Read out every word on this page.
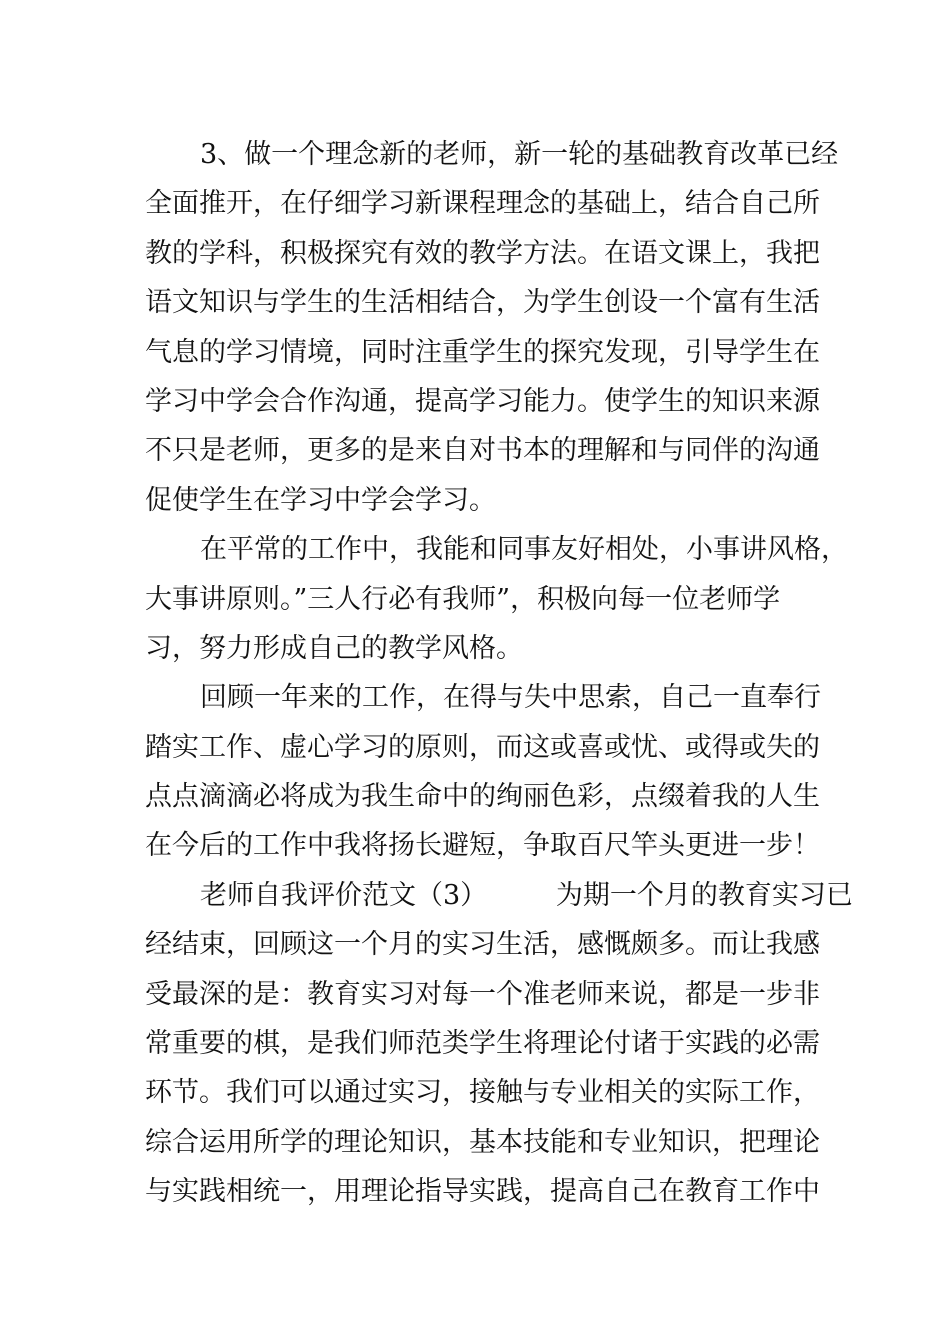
3、做一个理念新的老师，新一轮的基础教育改革已经
全面推开，在仔细学习新课程理念的基础上，结合自己所
教的学科，积极探究有效的教学方法。在语文课上，我把
语文知识与学生的生活相结合，为学生创设一个富有生活
气息的学习情境，同时注重学生的探究发现，引导学生在
学习中学会合作沟通，提高学习能力。使学生的知识来源
不只是老师，更多的是来自对书本的理解和与同伴的沟通
促使学生在学习中学会学习。
在平常的工作中，我能和同事友好相处，小事讲风格，
大事讲原则。”三人行必有我师”，积极向每一位老师学
习，努力形成自己的教学风格。
回顾一年来的工作，在得与失中思索，自己一直奉行
踏实工作、虚心学习的原则，而这或喜或忧、或得或失的
点点滴滴必将成为我生命中的绚丽色彩，点缀着我的人生
在今后的工作中我将扬长避短，争取百尺竿头更进一步！
老师自我评价范文（3）        为期一个月的教育实习已
经结束，回顾这一个月的实习生活，感慨颇多。而让我感
受最深的是：教育实习对每一个准老师来说，都是一步非
常重要的棋，是我们师范类学生将理论付诸于实践的必需
环节。我们可以通过实习，接触与专业相关的实际工作，
综合运用所学的理论知识，基本技能和专业知识，把理论
与实践相统一，用理论指导实践，提高自己在教育工作中
